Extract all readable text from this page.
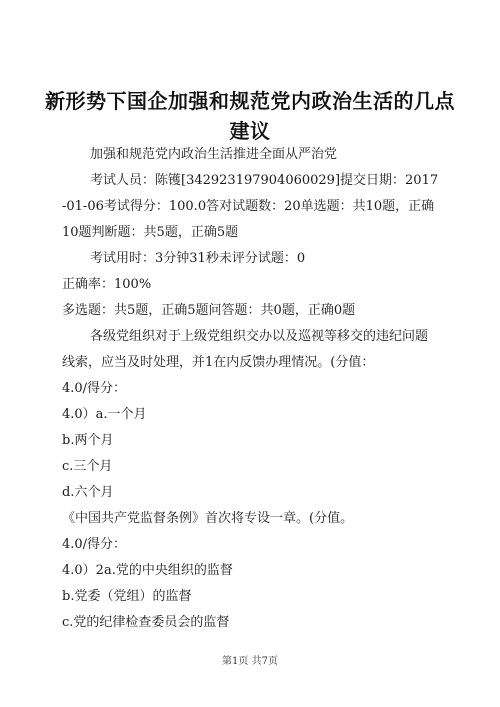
新形势下国企加强和规范党内政治生活的几点建议

加强和规范党内政治生活推进全面从严治党

考试人员：陈镬[342923197904060029]提交日期：2017-01-06考试得分：100.0答对试题数：20单选题：共10题，正确10题判断题：共5题，正确5题

考试用时：3分钟31秒未评分试题：0

正确率：100%

多选题：共5题，正确5题问答题：共0题，正确0题

各级党组织对于上级党组织交办以及巡视等移交的违纪问题线索，应当及时处理，并1在内反馈办理情况。(分值：

4.0/得分：

4.0）a.一个月

b.两个月

c.三个月

d.六个月

《中国共产党监督条例》首次将专设一章。(分值。

4.0/得分：

4.0）2a.党的中央组织的监督

b.党委（党组）的监督

c.党的纪律检查委员会的监督

第1页 共7页
